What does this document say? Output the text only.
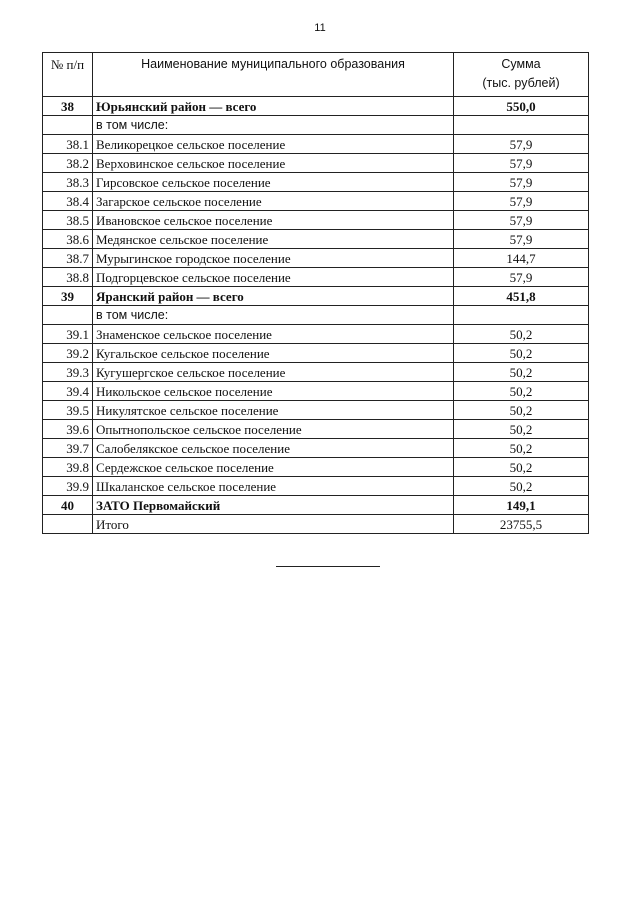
11
№ п/п	Наименование муниципального образования	Сумма
(тыс. рублей)
38	Юрьянский район — всего	550,0
	в том числе:	
38.1	Великорецкое сельское поселение	57,9
38.2	Верховинское сельское поселение	57,9
38.3	Гирсовское сельское поселение	57,9
38.4	Загарское сельское поселение	57,9
38.5	Ивановское сельское поселение	57,9
38.6	Медянское сельское поселение	57,9
38.7	Мурыгинское городское поселение	144,7
38.8	Подгорцевское сельское поселение	57,9
39	Яранский район — всего	451,8
	в том числе:	
39.1	Знаменское сельское поселение	50,2
39.2	Кугальское сельское поселение	50,2
39.3	Кугушергское сельское поселение	50,2
39.4	Никольское сельское поселение	50,2
39.5	Никулятское сельское поселение	50,2
39.6	Опытнопольское сельское поселение	50,2
39.7	Салобелякское сельское поселение	50,2
39.8	Сердежское сельское поселение	50,2
39.9	Шкаланское сельское поселение	50,2
40	ЗАТО Первомайский	149,1
	Итого	23755,5
